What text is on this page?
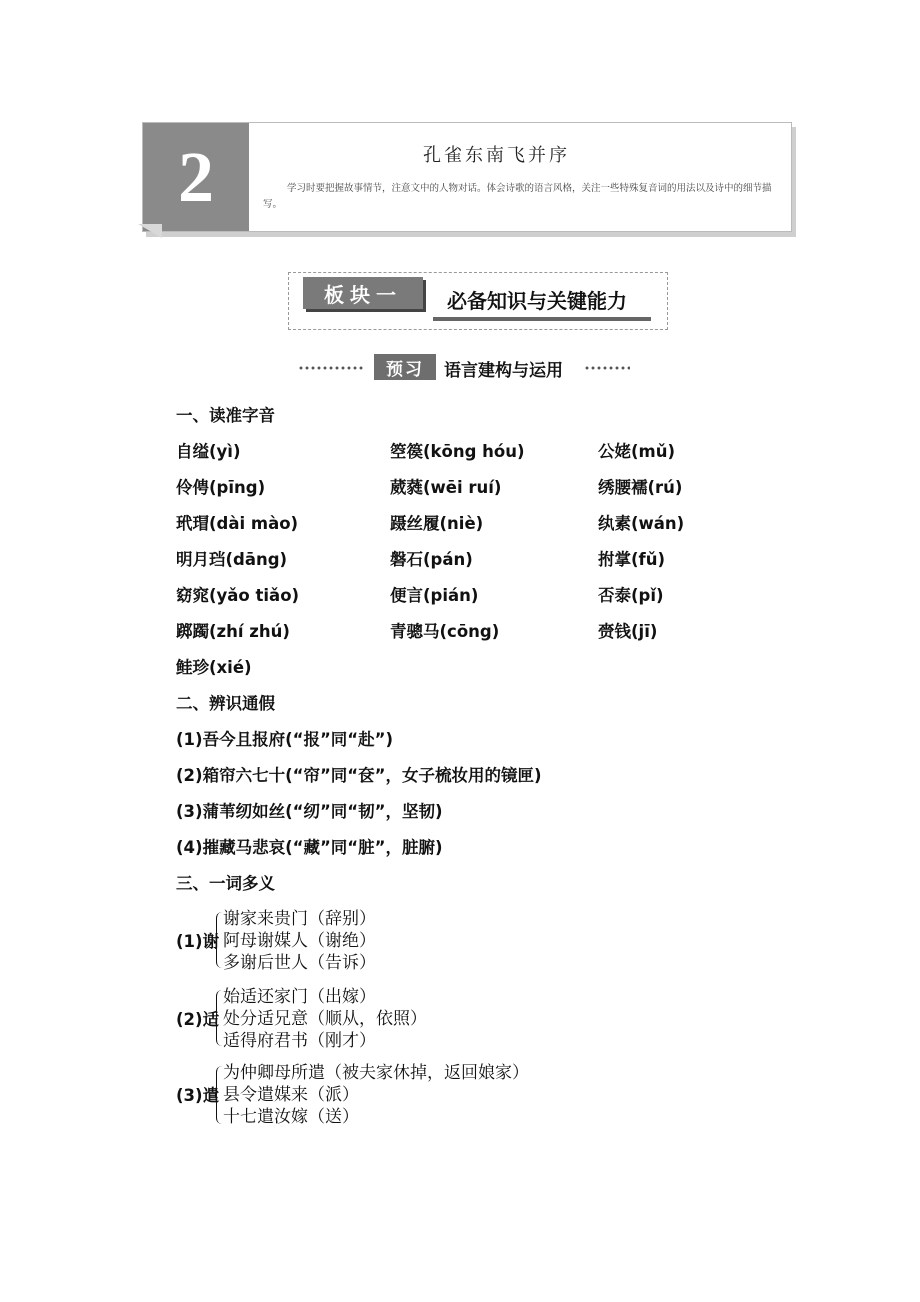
2	孔雀东南飞并序
学习时要把握故事情节，注意文中的人物对话。体会诗歌的语言风格，关注一些特殊复音词的用法以及诗中的细节描写。
板块一	必备知识与关键能力
预习	语言建构与运用
一、读准字音
自缢(yì)	箜篌(kōng hóu)	公姥(mǔ)
伶俜(pīng)	葳蕤(wēi ruí)	绣腰襦(rú)
玳瑁(dài mào)	蹑丝履(niè)	纨素(wán)
明月珰(dāng)	磐石(pán)	拊掌(fǔ)
窈窕(yǎo tiǎo)	便言(pián)	否泰(pǐ)
踯躅(zhí zhú)	青骢马(cōng)	赍钱(jī)
鲑珍(xié)
二、辨识通假
(1)吾今且报府(“报”同“赴”)
(2)箱帘六七十(“帘”同“奁”，女子梳妆用的镜匣)
(3)蒲苇纫如丝(“纫”同“韧”，坚韧)
(4)摧藏马悲哀(“藏”同“脏”，脏腑)
三、一词多义
(1)谢
谢家来贵门（辞别）
阿母谢媒人（谢绝）
多谢后世人（告诉）
(2)适
始适还家门（出嫁）
处分适兄意（顺从，依照）
适得府君书（刚才）
(3)遣
为仲卿母所遣（被夫家休掉，返回娘家）
县令遣媒来（派）
十七遣汝嫁（送）
